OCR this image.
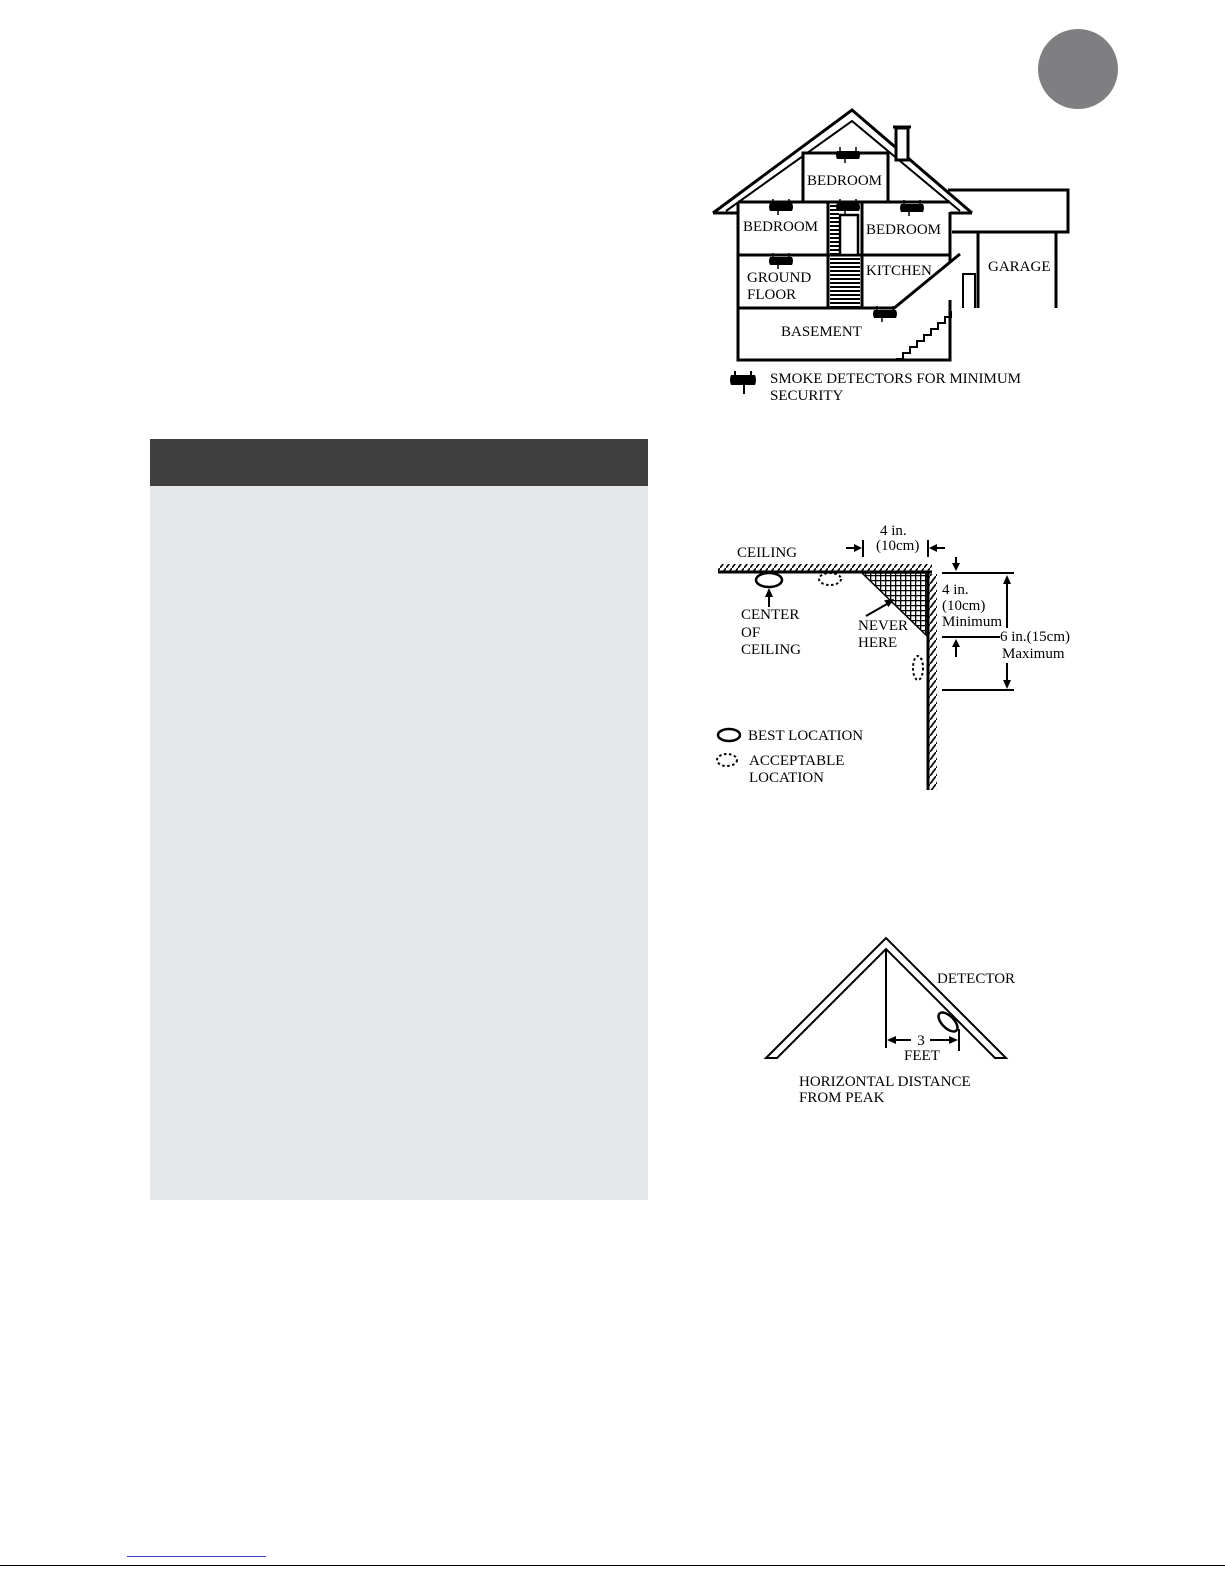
BEDROOM
BEDROOM	BEDROOM
GROUND
FLOOR
KITCHEN	GARAGE
BASEMENT
SMOKE DETECTORS FOR MINIMUM
SECURITY
4 in.
(10cm)
CEILING
CENTER
OF
CEILING
NEVER
HERE
4 in.
(10cm)
Minimum
6 in.(15cm)
Maximum
BEST LOCATION
ACCEPTABLE
LOCATION
DETECTOR
3
FEET
HORIZONTAL DISTANCE
FROM PEAK
